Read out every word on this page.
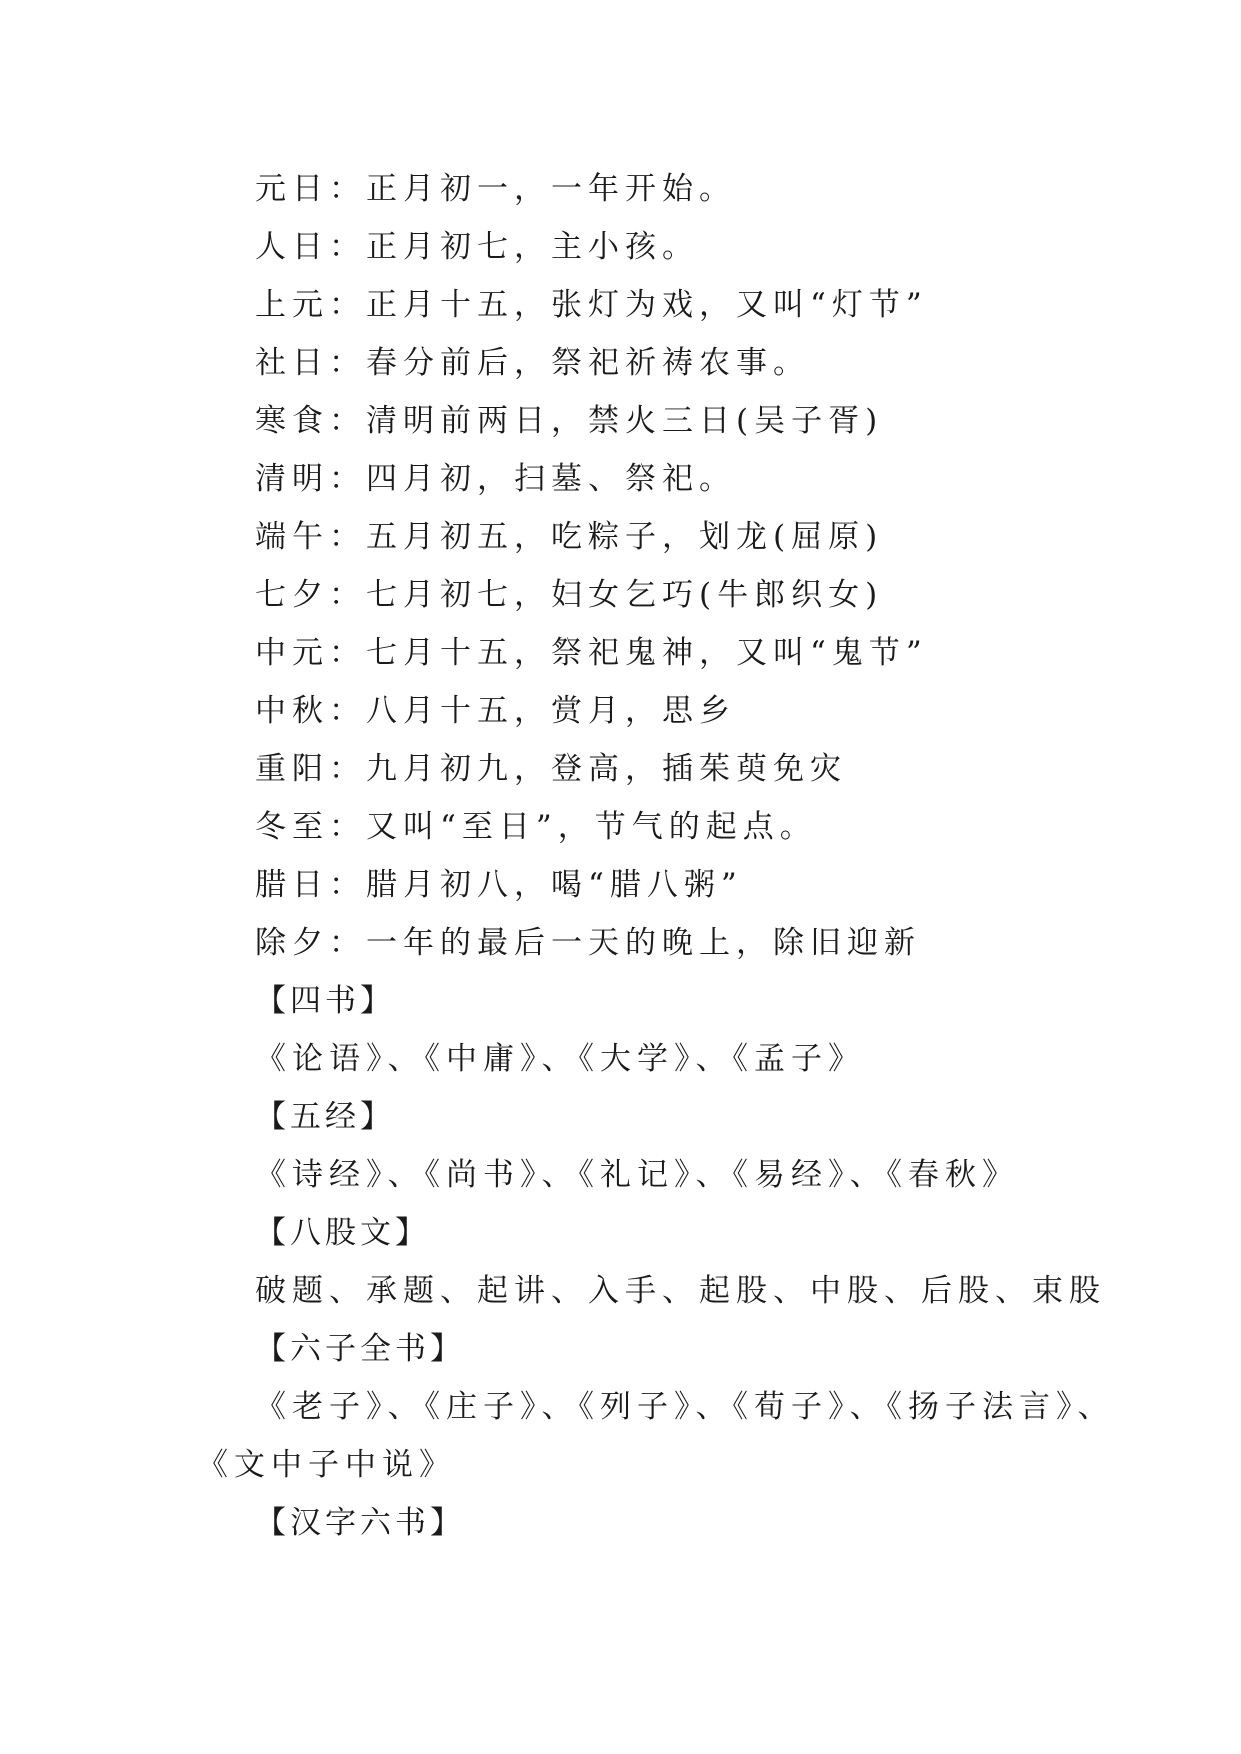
元日：正月初一，一年开始。
人日：正月初七，主小孩。
上元：正月十五，张灯为戏，又叫“灯节”
社日：春分前后，祭祀祈祷农事。
寒食：清明前两日，禁火三日(吴子胥)
清明：四月初，扫墓、祭祀。
端午：五月初五，吃粽子，划龙(屈原)
七夕：七月初七，妇女乞巧(牛郎织女)
中元：七月十五，祭祀鬼神，又叫“鬼节”
中秋：八月十五，赏月，思乡
重阳：九月初九，登高，插茱萸免灾
冬至：又叫“至日”，节气的起点。
腊日：腊月初八，喝“腊八粥”
除夕：一年的最后一天的晚上，除旧迎新
【四书】
《论语》、《中庸》、《大学》、《孟子》
【五经】
《诗经》、《尚书》、《礼记》、《易经》、《春秋》
【八股文】
破题、承题、起讲、入手、起股、中股、后股、束股
【六子全书】
《老子》、《庄子》、《列子》、《荀子》、《扬子法言》、
《文中子中说》
【汉字六书】
